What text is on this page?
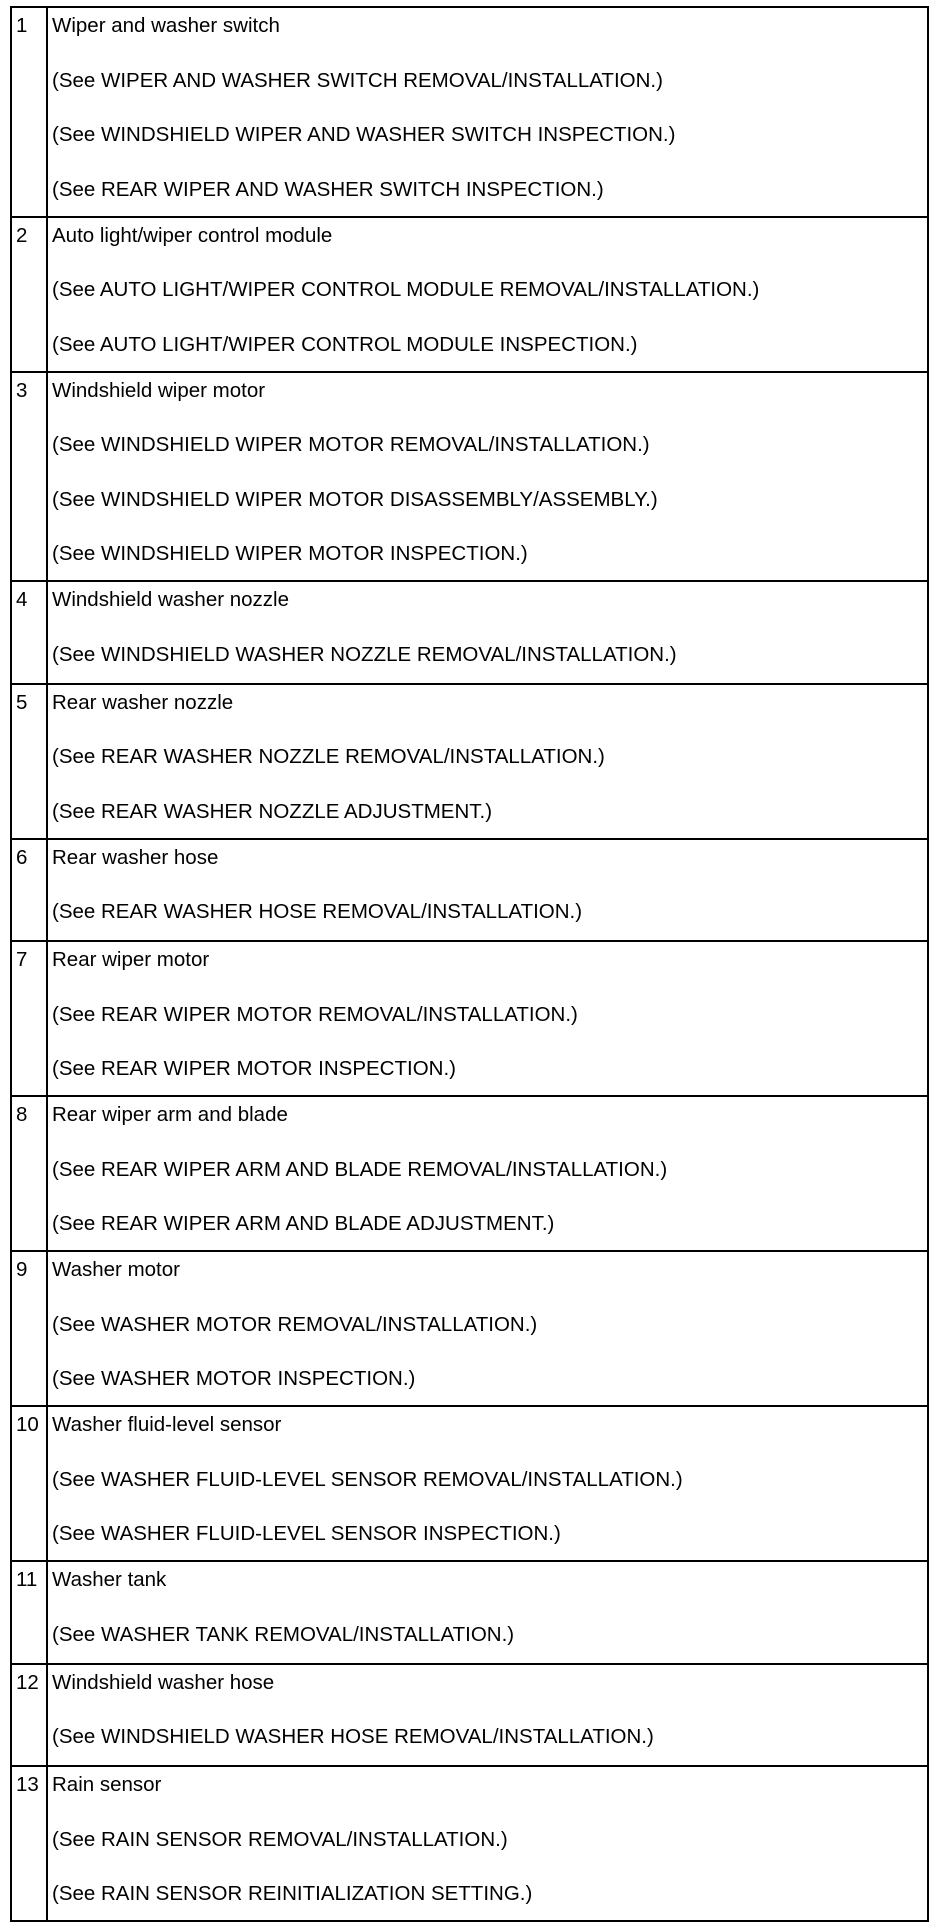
1	Wiper and washer switch
(See WIPER AND WASHER SWITCH REMOVAL/INSTALLATION.)
(See WINDSHIELD WIPER AND WASHER SWITCH INSPECTION.)
(See REAR WIPER AND WASHER SWITCH INSPECTION.)

2	Auto light/wiper control module
(See AUTO LIGHT/WIPER CONTROL MODULE REMOVAL/INSTALLATION.)
(See AUTO LIGHT/WIPER CONTROL MODULE INSPECTION.)

3	Windshield wiper motor
(See WINDSHIELD WIPER MOTOR REMOVAL/INSTALLATION.)
(See WINDSHIELD WIPER MOTOR DISASSEMBLY/ASSEMBLY.)
(See WINDSHIELD WIPER MOTOR INSPECTION.)

4	Windshield washer nozzle
(See WINDSHIELD WASHER NOZZLE REMOVAL/INSTALLATION.)

5	Rear washer nozzle
(See REAR WASHER NOZZLE REMOVAL/INSTALLATION.)
(See REAR WASHER NOZZLE ADJUSTMENT.)

6	Rear washer hose
(See REAR WASHER HOSE REMOVAL/INSTALLATION.)

7	Rear wiper motor
(See REAR WIPER MOTOR REMOVAL/INSTALLATION.)
(See REAR WIPER MOTOR INSPECTION.)

8	Rear wiper arm and blade
(See REAR WIPER ARM AND BLADE REMOVAL/INSTALLATION.)
(See REAR WIPER ARM AND BLADE ADJUSTMENT.)

9	Washer motor
(See WASHER MOTOR REMOVAL/INSTALLATION.)
(See WASHER MOTOR INSPECTION.)

10	Washer fluid-level sensor
(See WASHER FLUID-LEVEL SENSOR REMOVAL/INSTALLATION.)
(See WASHER FLUID-LEVEL SENSOR INSPECTION.)

11	Washer tank
(See WASHER TANK REMOVAL/INSTALLATION.)

12	Windshield washer hose
(See WINDSHIELD WASHER HOSE REMOVAL/INSTALLATION.)

13	Rain sensor
(See RAIN SENSOR REMOVAL/INSTALLATION.)
(See RAIN SENSOR REINITIALIZATION SETTING.)
